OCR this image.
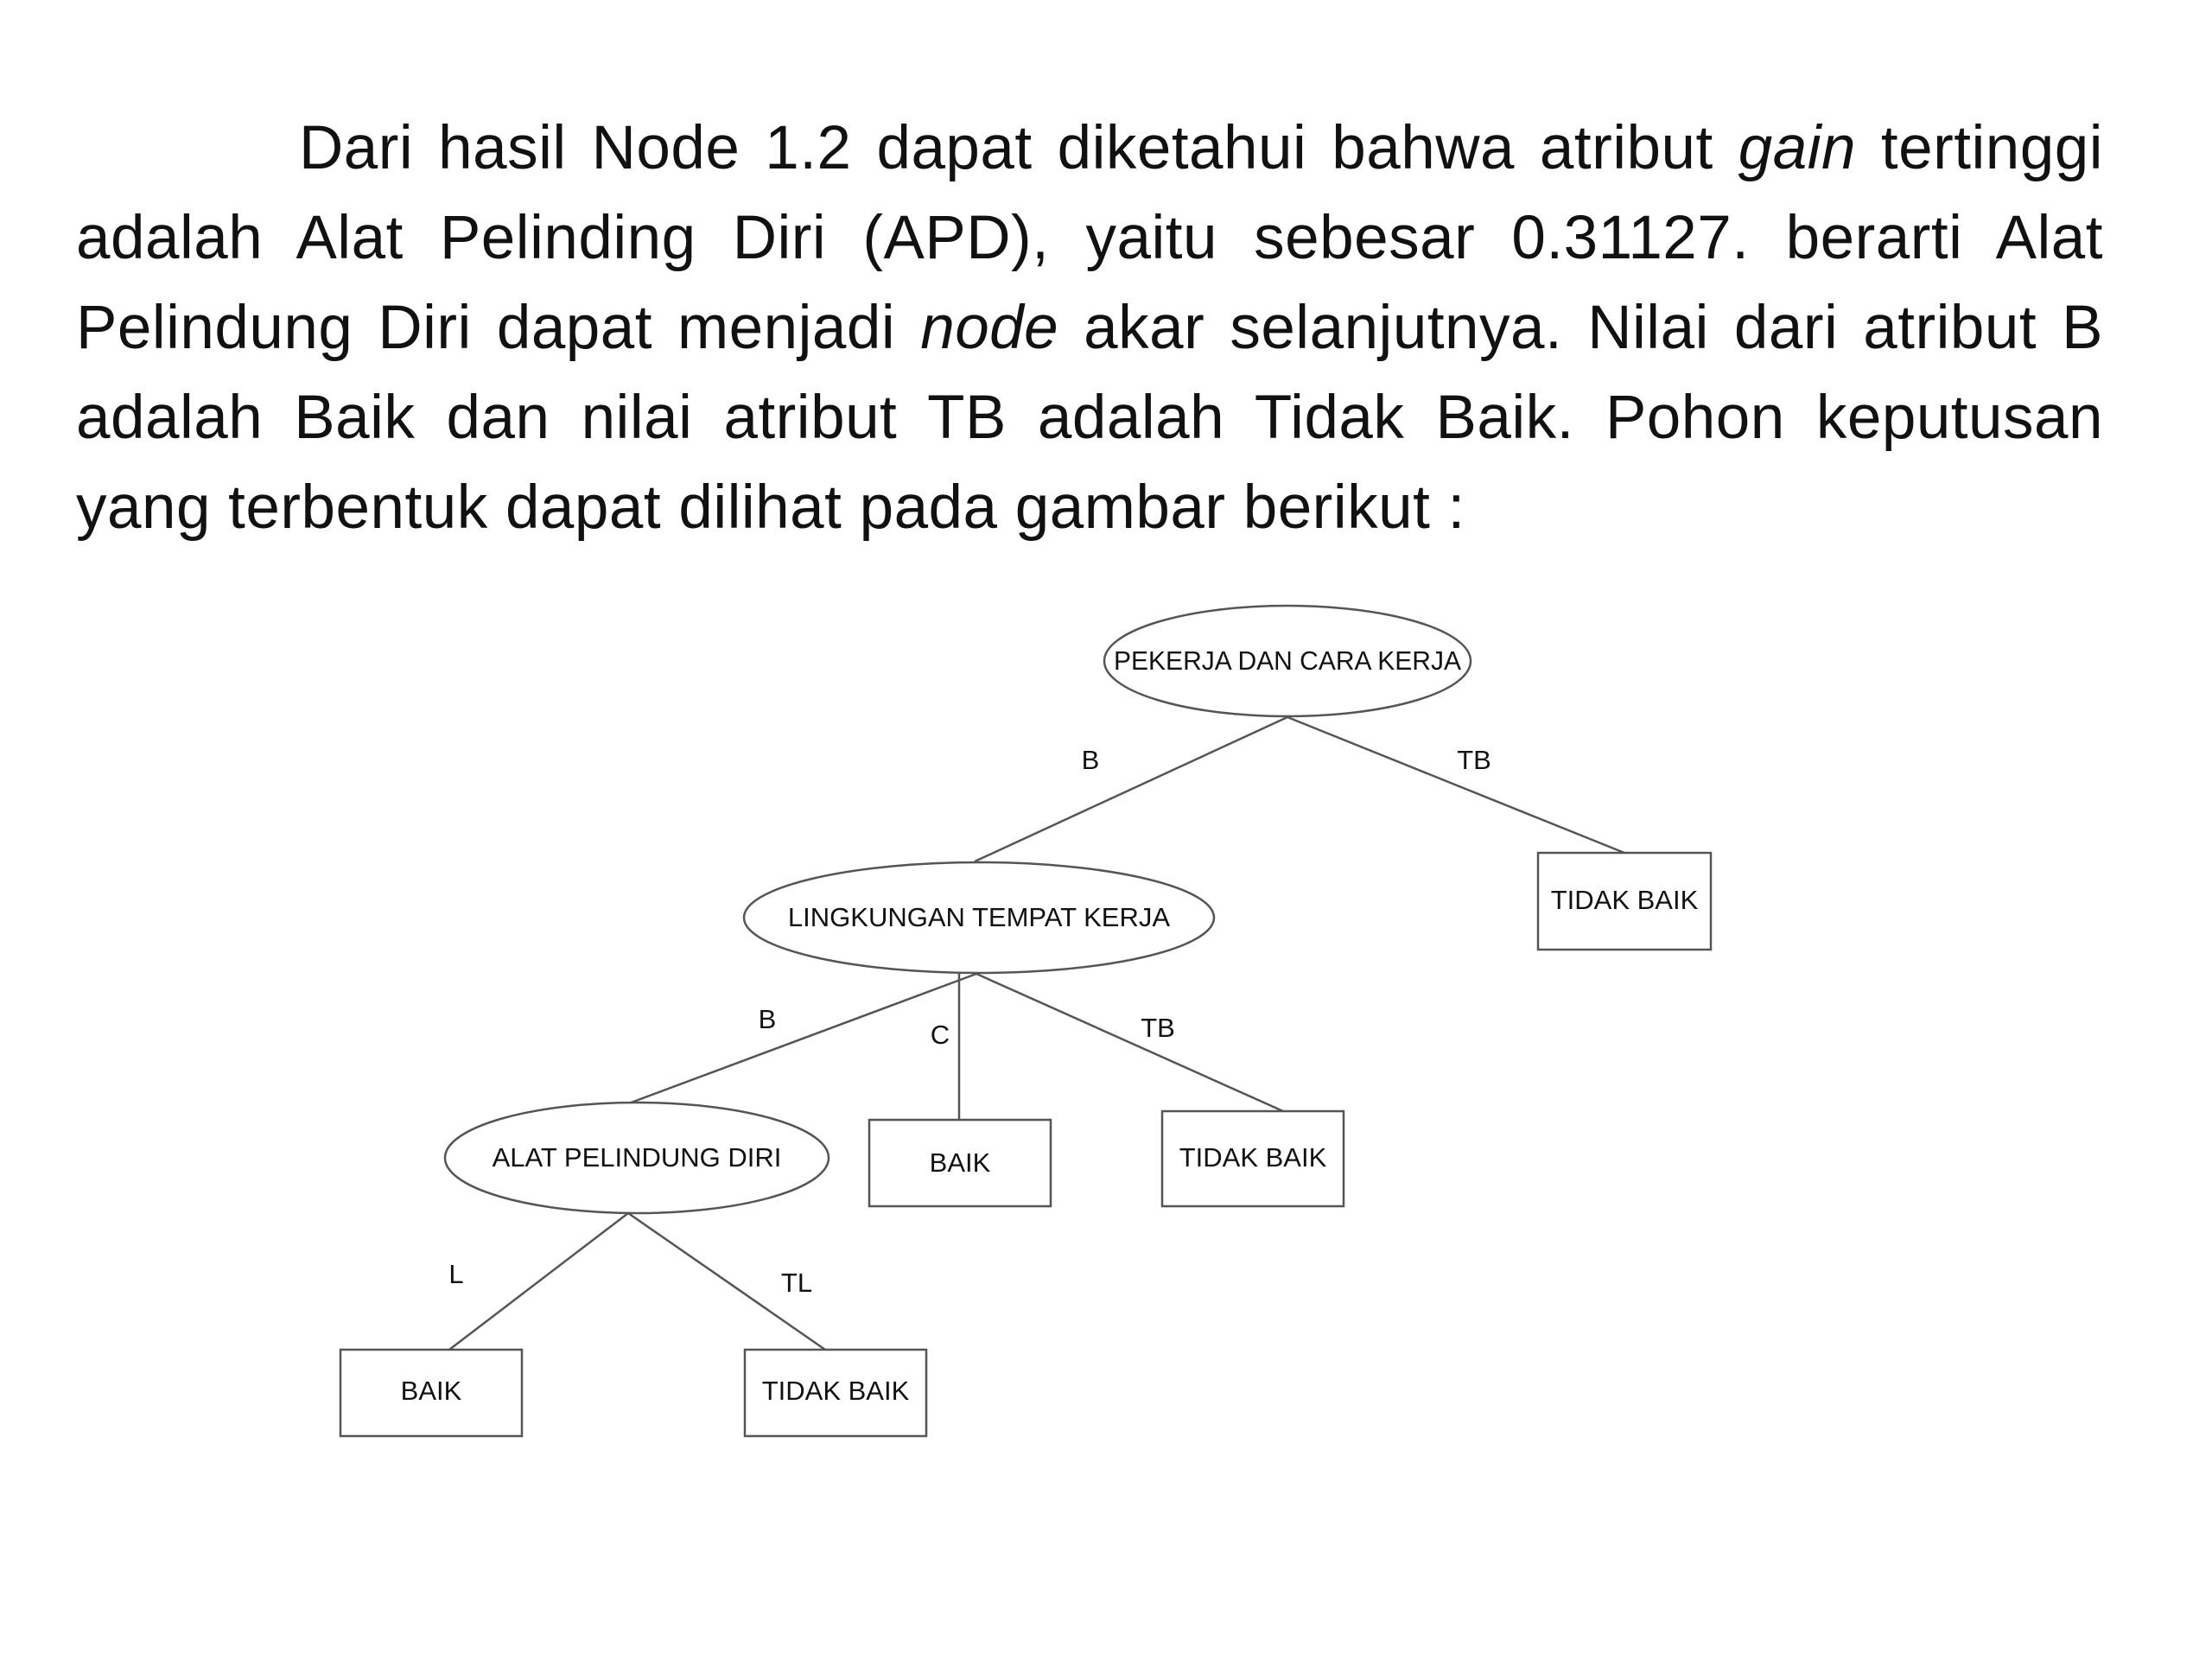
Dari hasil Node 1.2 dapat diketahui bahwa atribut gain tertinggi adalah Alat Pelinding Diri (APD), yaitu sebesar 0.31127. berarti Alat Pelindung Diri dapat menjadi node akar selanjutnya. Nilai dari atribut B adalah Baik dan nilai atribut TB adalah Tidak Baik. Pohon keputusan yang terbentuk dapat dilihat pada gambar berikut :

B	TB
B
C	TB
L	TL
PEKERJA DAN CARA KERJA
TIDAK BAIK
LINGKUNGAN TEMPAT KERJA
BAIK	TIDAK BAIK
ALAT PELINDUNG DIRI
BAIK	TIDAK BAIK
